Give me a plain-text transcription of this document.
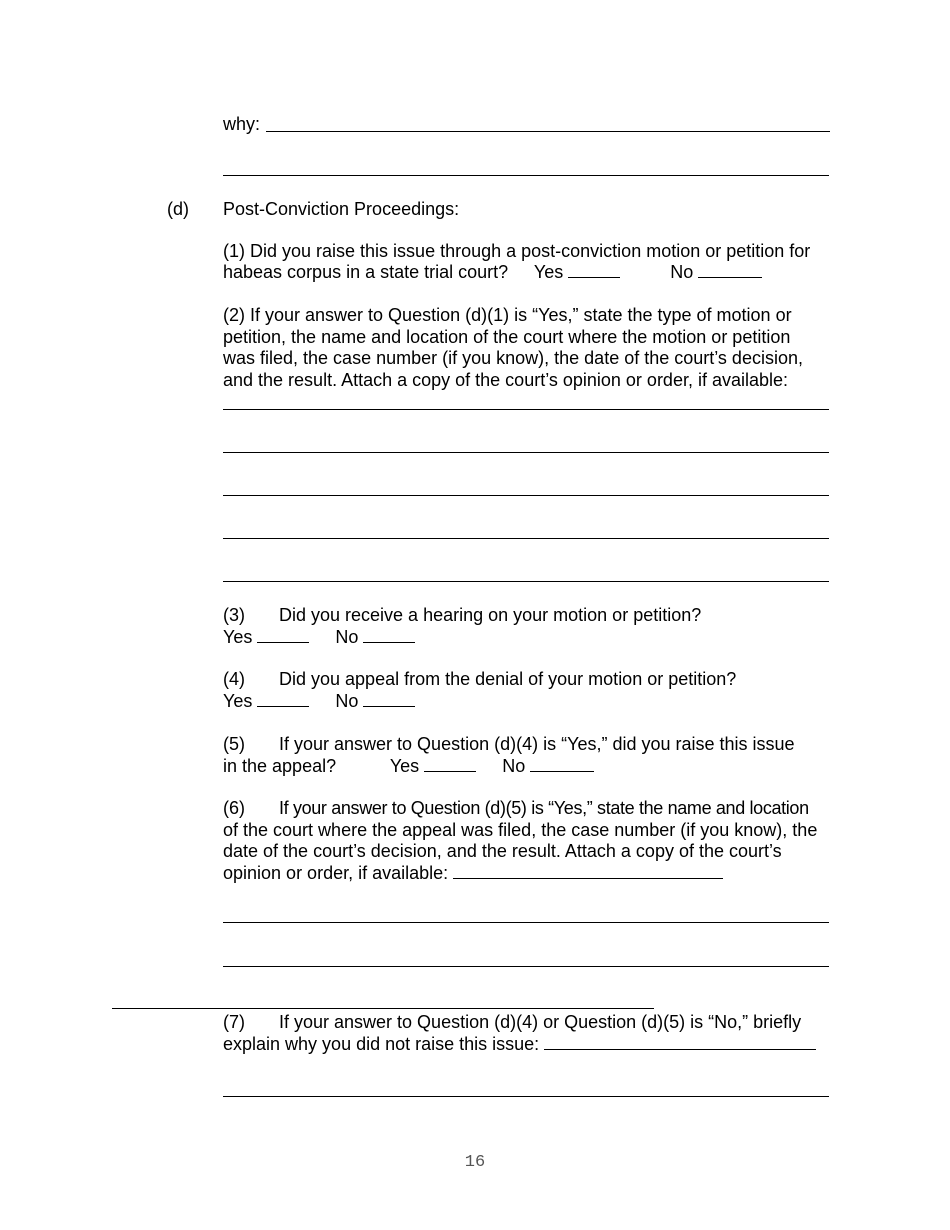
why:
(d) Post-Conviction Proceedings:
(1) Did you raise this issue through a post-conviction motion or petition for
habeas corpus in a state trial court? Yes	No
(2) If your answer to Question (d)(1) is “Yes,” state the type of motion or
petition, the name and location of the court where the motion or petition
was filed, the case number (if you know), the date of the court’s decision,
and the result. Attach a copy of the court’s opinion or order, if available:
(3) Did you receive a hearing on your motion or petition?
Yes	No
(4) Did you appeal from the denial of your motion or petition?
Yes	No
(5) If your answer to Question (d)(4) is “Yes,” did you raise this issue
in the appeal?	Yes	No
(6) If your answer to Question (d)(5) is “Yes,” state the name and location
of the court where the appeal was filed, the case number (if you know), the
date of the court’s decision, and the result. Attach a copy of the court’s
opinion or order, if available:
(7) If your answer to Question (d)(4) or Question (d)(5) is “No,” briefly
explain why you did not raise this issue:
16
